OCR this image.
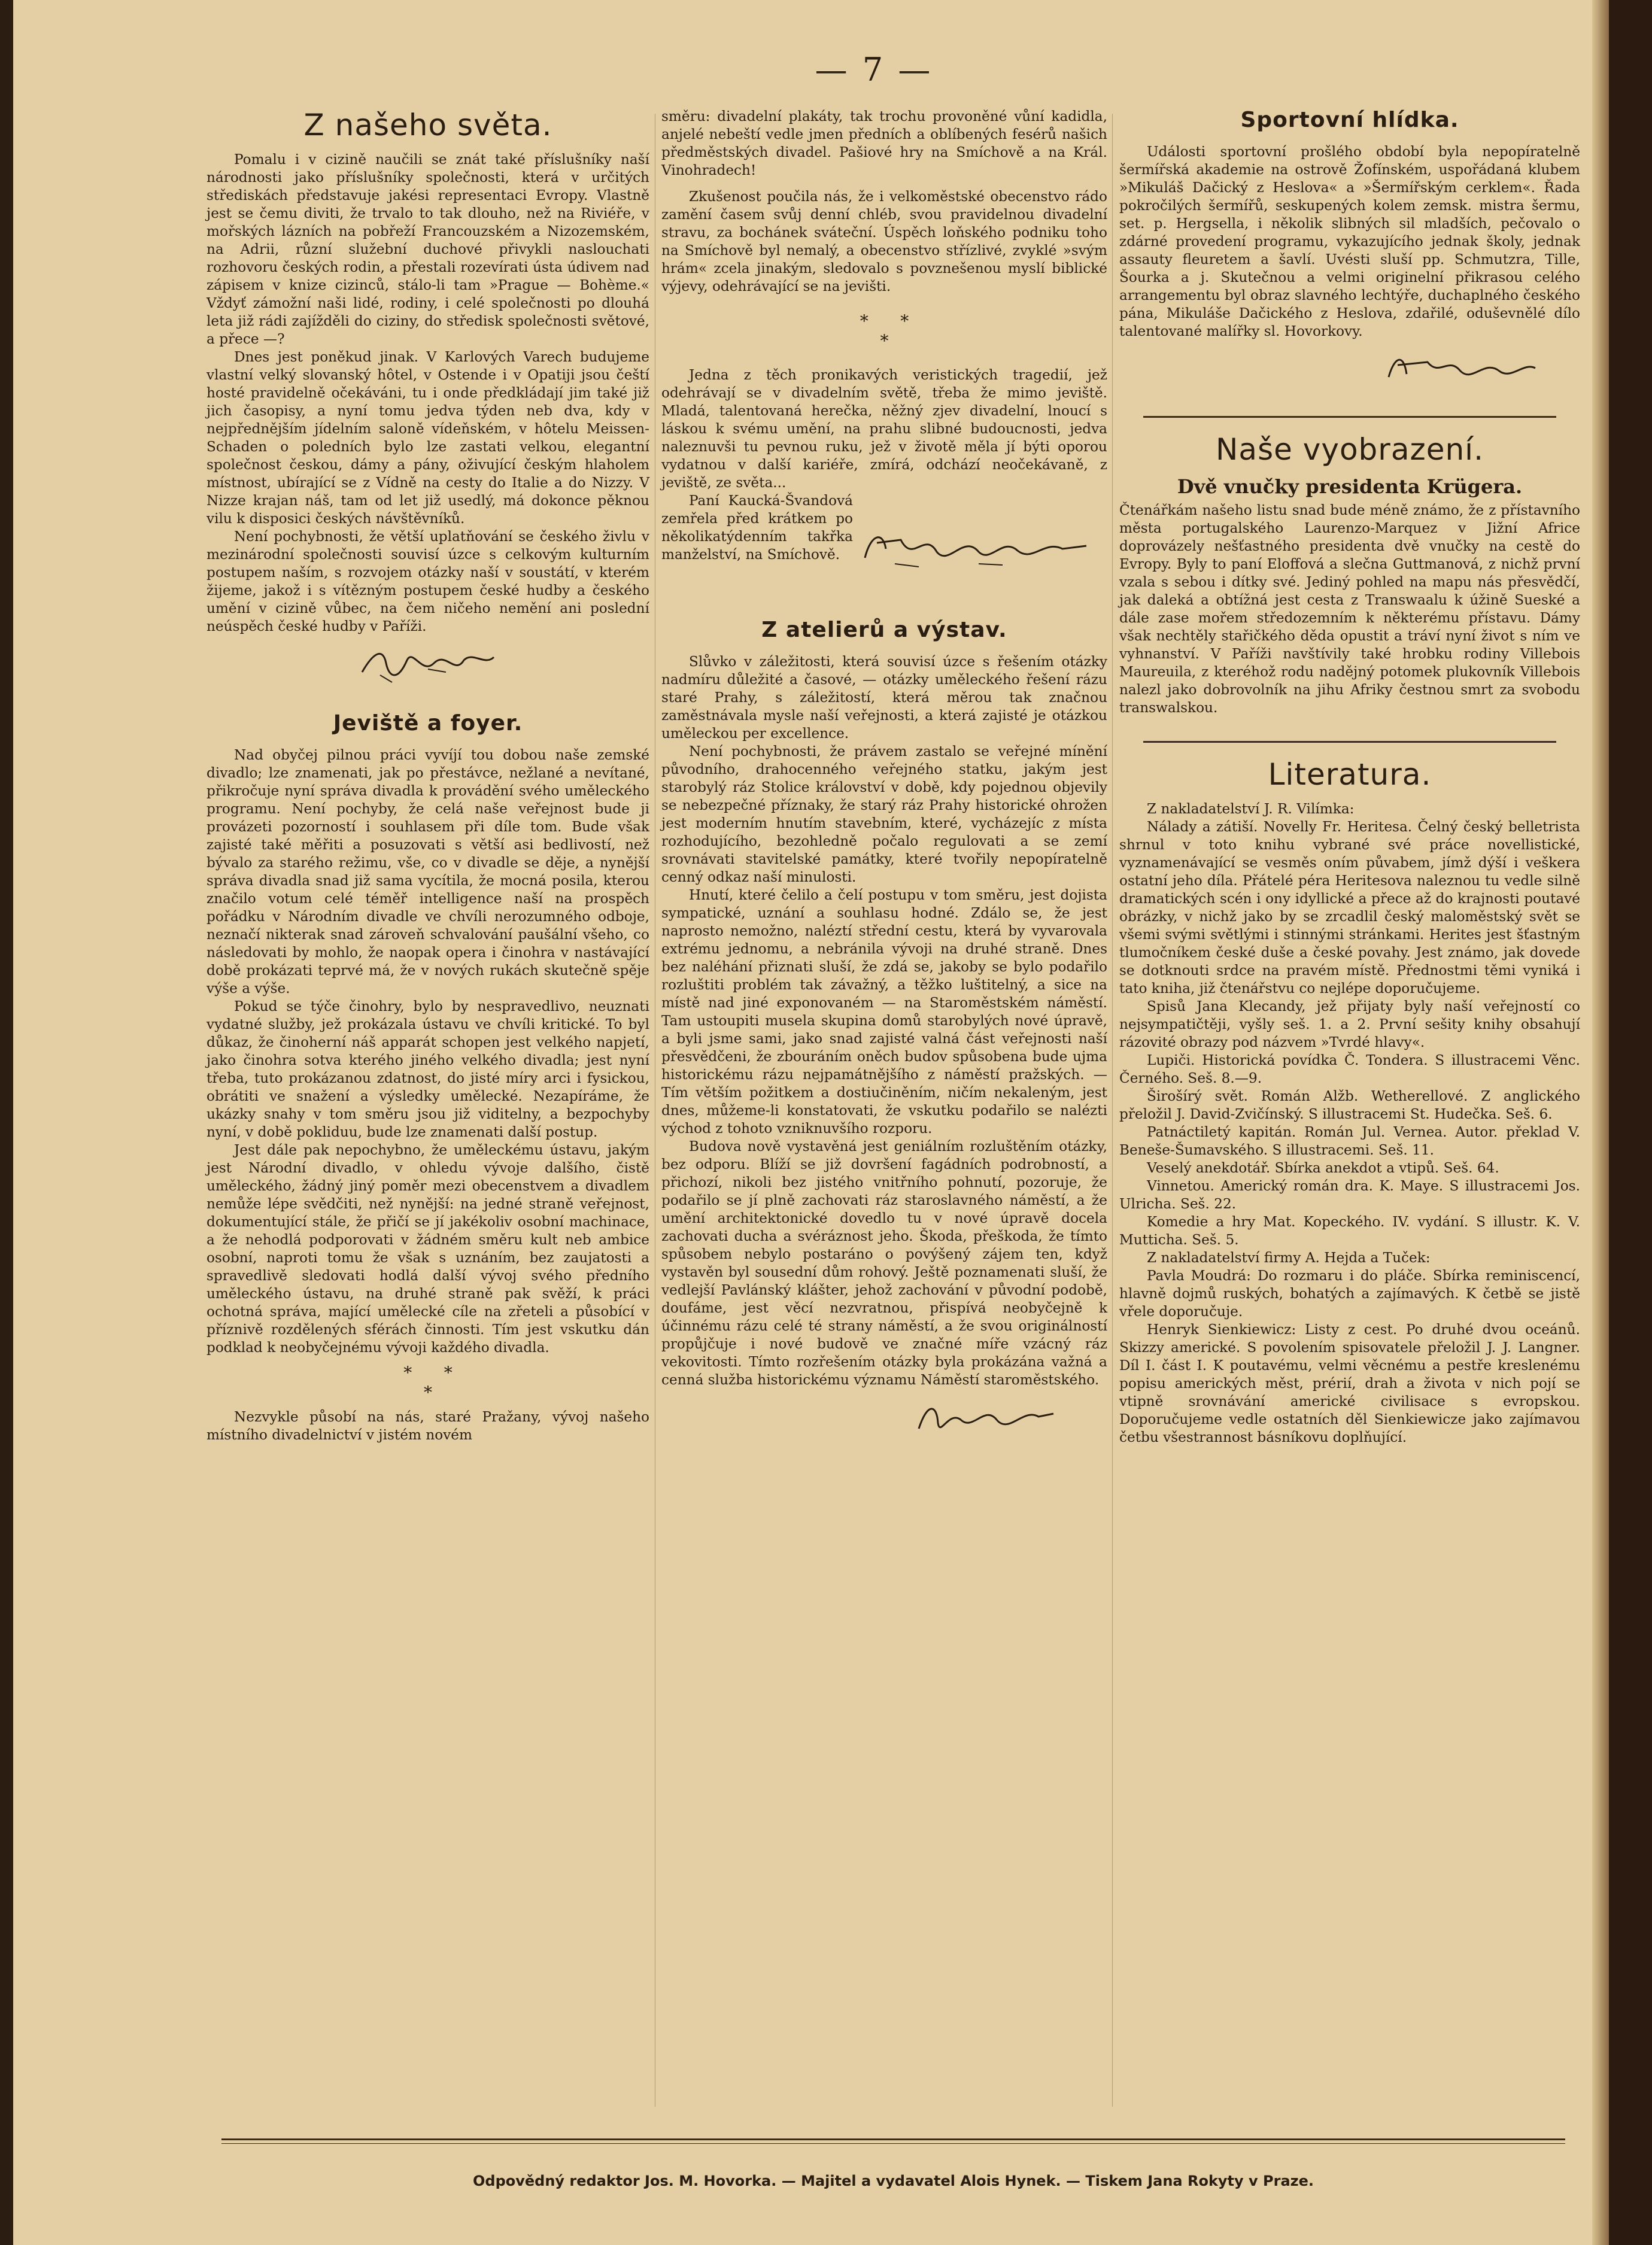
— 7 —
Z našeho světa.

Pomalu i v cizině naučili se znát také příslušníky naší národnosti jako příslušníky společnosti, která v určitých střediskách představuje jakési representaci Evropy. Vlastně jest se čemu diviti, že trvalo to tak dlouho, než na Riviéře, v mořských lázních na pobřeží Francouzském a Nizozemském, na Adrii, různí služební duchové přivykli naslouchati rozhovoru českých rodin, a přestali rozevírati ústa údivem nad zápisem v knize cizinců, stálo-li tam »Prague — Bohème.« Vždyť zámožní naši lidé, rodiny, i celé společnosti po dlouhá leta již rádi zajížděli do ciziny, do středisk společnosti světové, a přece —?

Dnes jest poněkud jinak. V Karlových Varech budujeme vlastní velký slovanský hôtel, v Ostende i v Opatiji jsou čeští hosté pravidelně očekáváni, tu i onde předkládají jim také již jich časopisy, a nyní tomu jedva týden neb dva, kdy v nejpřednějším jídelním saloně vídeňském, v hôtelu Meissen-Schaden o poledních bylo lze zastati velkou, elegantní společnost českou, dámy a pány, oživující českým hlaholem místnost, ubírající se z Vídně na cesty do Italie a do Nizzy. V Nizze krajan náš, tam od let již usedlý, má dokonce pěknou vilu k disposici českých návštěvníků.

Není pochybnosti, že větší uplatňování se českého živlu v mezinárodní společnosti souvisí úzce s celkovým kulturním postupem naším, s rozvojem otázky naší v soustátí, v kterém žijeme, jakož i s vítězným postupem české hudby a českého umění v cizině vůbec, na čem ničeho nemění ani poslední neúspěch české hudby v Paříži.

Jeviště a foyer.

Nad obyčej pilnou práci vyvíjí tou dobou naše zemské divadlo; lze znamenati, jak po přestávce, nežlané a nevítané, přikročuje nyní správa divadla k provádění svého uměleckého programu. Není pochyby, že celá naše veřejnost bude ji provázeti pozorností i souhlasem při díle tom. Bude však zajisté také měřiti a posuzovati s větší asi bedlivostí, než bývalo za starého režimu, vše, co v divadle se děje, a nynější správa divadla snad již sama vycítila, že mocná posila, kterou značilo votum celé téměř intelligence naší na prospěch pořádku v Národním divadle ve chvíli nerozumného odboje, neznačí nikterak snad zároveň schvalování paušální všeho, co následovati by mohlo, že naopak opera i činohra v nastávající době prokázati teprvé má, že v nových rukách skutečně spěje výše a výše.

Pokud se týče činohry, bylo by nespravedlivo, neuznati vydatné služby, jež prokázala ústavu ve chvíli kritické. To byl důkaz, že činoherní náš apparát schopen jest velkého napjetí, jako činohra sotva kterého jiného velkého divadla; jest nyní třeba, tuto prokázanou zdatnost, do jisté míry arci i fysickou, obrátiti ve snažení a výsledky umělecké. Nezapíráme, že ukázky snahy v tom směru jsou již viditelny, a bezpochyby nyní, v době pokliduu, bude lze znamenati další postup.

Jest dále pak nepochybno, že uměleckému ústavu, jakým jest Národní divadlo, v ohledu vývoje dalšího, čistě uměleckého, žádný jiný poměr mezi obecenstvem a divadlem nemůže lépe svědčiti, než nynější: na jedné straně veřejnost, dokumentující stále, že přičí se jí jakékoliv osobní machinace, a že nehodlá podporovati v žádném směru kult neb ambice osobní, naproti tomu že však s uznáním, bez zaujatosti a spravedlivě sledovati hodlá další vývoj svého předního uměleckého ústavu, na druhé straně pak svěží, k práci ochotná správa, mající umělecké cíle na zřeteli a působící v příznivě rozdělených sférách činnosti. Tím jest vskutku dán podklad k neobyčejnému vývoji každého divadla.

*      *
*

Nezvykle působí na nás, staré Pražany, vývoj našeho místního divadelnictví v jistém novém

směru: divadelní plakáty, tak trochu provoněné vůní kadidla, anjelé nebeští vedle jmen předních a oblíbených fesérů našich předměstských divadel. Pašiové hry na Smíchově a na Král. Vinohradech!

Zkušenost poučila nás, že i velkoměstské obecenstvo rádo zamění časem svůj denní chléb, svou pravidelnou divadelní stravu, za bochánek sváteční. Úspěch loňského podniku toho na Smíchově byl nemalý, a obecenstvo střízlivé, zvyklé »svým hrám« zcela jinakým, sledovalo s povznešenou myslí biblické výjevy, odehrávající se na jevišti.

*      *
*

Jedna z těch pronikavých veristických tragedií, jež odehrávají se v divadelním světě, třeba že mimo jeviště. Mladá, talentovaná herečka, něžný zjev divadelní, lnoucí s láskou k svému umění, na prahu slibné budoucnosti, jedva naleznuvši tu pevnou ruku, jež v životě měla jí býti oporou vydatnou v další kariéře, zmírá, odchází neočekávaně, z jeviště, ze světa...

Paní Kaucká-Švandová zemřela před krátkem po několikatýdenním takřka manželství, na Smíchově.

Z atelierů a výstav.

Slůvko v záležitosti, která souvisí úzce s řešením otázky nadmíru důležité a časové, — otázky uměleckého řešení rázu staré Prahy, s záležitostí, která měrou tak značnou zaměstnávala mysle naší veřejnosti, a která zajisté je otázkou uměleckou per excellence.

Není pochybnosti, že právem zastalo se veřejné mínění původního, drahocenného veřejného statku, jakým jest starobylý ráz Stolice království v době, kdy pojednou objevily se nebezpečné příznaky, že starý ráz Prahy historické ohrožen jest moderním hnutím stavebním, které, vycházejíc z místa rozhodujícího, bezohledně počalo regulovati a se zemí srovnávati stavitelské památky, které tvořily nepopíratelně cenný odkaz naší minulosti.

Hnutí, které čelilo a čelí postupu v tom směru, jest dojista sympatické, uznání a souhlasu hodné. Zdálo se, že jest naprosto nemožno, naléztí střední cestu, která by vyvarovala extrému jednomu, a nebránila vývoji na druhé straně. Dnes bez naléhání přiznati sluší, že zdá se, jakoby se bylo podařilo rozluštiti problém tak závažný, a těžko luštitelný, a sice na místě nad jiné exponovaném — na Staroměstském náměstí. Tam ustoupiti musela skupina domů starobylých nové úpravě, a byli jsme sami, jako snad zajisté valná část veřejnosti naší přesvědčeni, že zbouráním oněch budov spůsobena bude ujma historickému rázu nejpamátnějšího z náměstí pražských. — Tím větším požitkem a dostiučiněním, ničím nekaleným, jest dnes, můžeme-li konstatovati, že vskutku podařilo se nalézti východ z tohoto vzniknuvšího rozporu.

Budova nově vystavěná jest geniálním rozluštěním otázky, bez odporu. Blíží se již dovršení fagádních podrobností, a přichozí, nikoli bez jistého vnitřního pohnutí, pozoruje, že podařilo se jí plně zachovati ráz staroslavného náměstí, a že umění architektonické dovedlo tu v nové úpravě docela zachovati ducha a svéráznost jeho. Škoda, přeškoda, že tímto spůsobem nebylo postaráno o povýšený zájem ten, když vystavěn byl sousední dům rohový. Ještě poznamenati sluší, že vedlejší Pavlánský klášter, jehož zachování v původní podobě, doufáme, jest věcí nezvratnou, přispívá neobyčejně k účinnému rázu celé té strany náměstí, a že svou originálností propůjčuje i nové budově ve značné míře vzácný ráz vekovitosti. Tímto rozřešením otázky byla prokázána važná a cenná služba historickému významu Náměstí staroměstského.

Sportovní hlídka.

Události sportovní prošlého období byla nepopíratelně šermířská akademie na ostrově Žofínském, uspořádaná klubem »Mikuláš Dačický z Heslova« a »Šermířským cerklem«. Řada pokročilých šermířů, seskupených kolem zemsk. mistra šermu, set. p. Hergsella, i několik slibných sil mladších, pečovalo o zdárné provedení programu, vykazujícího jednak školy, jednak assauty fleuretem a šavlí. Uvésti sluší pp. Schmutzra, Tille, Šourka a j. Skutečnou a velmi originelní přikrasou celého arrangementu byl obraz slavného lechtýře, duchaplného českého pána, Mikuláše Dačického z Heslova, zdařilé, oduševnělé dílo talentované malířky sl. Hovorkovy.

Naše vyobrazení.
Dvě vnučky presidenta Krügera.

Čtenářkám našeho listu snad bude méně známo, že z přístavního města portugalského Laurenzo-Marquez v Jižní Africe doprovázely nešťastného presidenta dvě vnučky na cestě do Evropy. Byly to paní Eloffová a slečna Guttmanová, z nichž první vzala s sebou i dítky své. Jediný pohled na mapu nás přesvědčí, jak daleká a obtížná jest cesta z Transwaalu k úžině Sueské a dále zase mořem středozemním k některému přístavu. Dámy však nechtěly stařičkého děda opustit a tráví nyní život s ním ve vyhnanství. V Paříži navštívily také hrobku rodiny Villebois Maureuila, z kteréhož rodu nadějný potomek plukovník Villebois nalezl jako dobrovolník na jihu Afriky čestnou smrt za svobodu transwalskou.

Literatura.

Z nakladatelství J. R. Vilímka:

Nálady a zátiší. Novelly Fr. Heritesa. Čelný český belletrista shrnul v toto knihu vybrané své práce novellistické, vyznamenávající se vesměs oním půvabem, jímž dýší i veškera ostatní jeho díla. Přátelé péra Heritesova naleznou tu vedle silně dramatických scén i ony idyllické a přece až do krajnosti poutavé obrázky, v nichž jako by se zrcadlil český maloměstský svět se všemi svými světlými i stinnými stránkami. Herites jest šťastným tlumočníkem české duše a české povahy. Jest známo, jak dovede se dotknouti srdce na pravém místě. Přednostmi těmi vyniká i tato kniha, již čtenářstvu co nejlépe doporučujeme.

Spisů Jana Klecandy, jež přijaty byly naší veřejností co nejsympatičtěji, vyšly seš. 1. a 2. První sešity knihy obsahují rázovité obrazy pod názvem »Tvrdé hlavy«.

Lupiči. Historická povídka Č. Tondera. S illustracemi Věnc. Černého. Seš. 8.—9.

Širošírý svět. Román Alžb. Wetherellové. Z anglického přeložil J. David-Zvičínský. S illustracemi St. Hudečka. Seš. 6.

Patnáctiletý kapitán. Román Jul. Vernea. Autor. překlad V. Beneše-Šumavského. S illustracemi. Seš. 11.

Veselý anekdotář. Sbírka anekdot a vtipů. Seš. 64.

Vinnetou. Americký román dra. K. Maye. S illustracemi Jos. Ulricha. Seš. 22.

Komedie a hry Mat. Kopeckého. IV. vydání. S illustr. K. V. Mutticha. Seš. 5.

Z nakladatelství firmy A. Hejda a Tuček:

Pavla Moudrá: Do rozmaru i do pláče. Sbírka reminiscencí, hlavně dojmů ruských, bohatých a zajímavých. K četbě se jistě vřele doporučuje.

Henryk Sienkiewicz: Listy z cest. Po druhé dvou oceánů. Skizzy americké. S povolením spisovatele přeložil J. J. Langner. Díl I. část I. K poutavému, velmi věcnému a pestře kreslenému popisu amerických měst, prérií, drah a života v nich pojí se vtipně srovnávání americké civilisace s evropskou. Doporučujeme vedle ostatních děl Sienkiewicze jako zajímavou četbu všestrannost básníkovu doplňující.

Odpovědný redaktor Jos. M. Hovorka. — Majitel a vydavatel Alois Hynek. — Tiskem Jana Rokyty v Praze.
